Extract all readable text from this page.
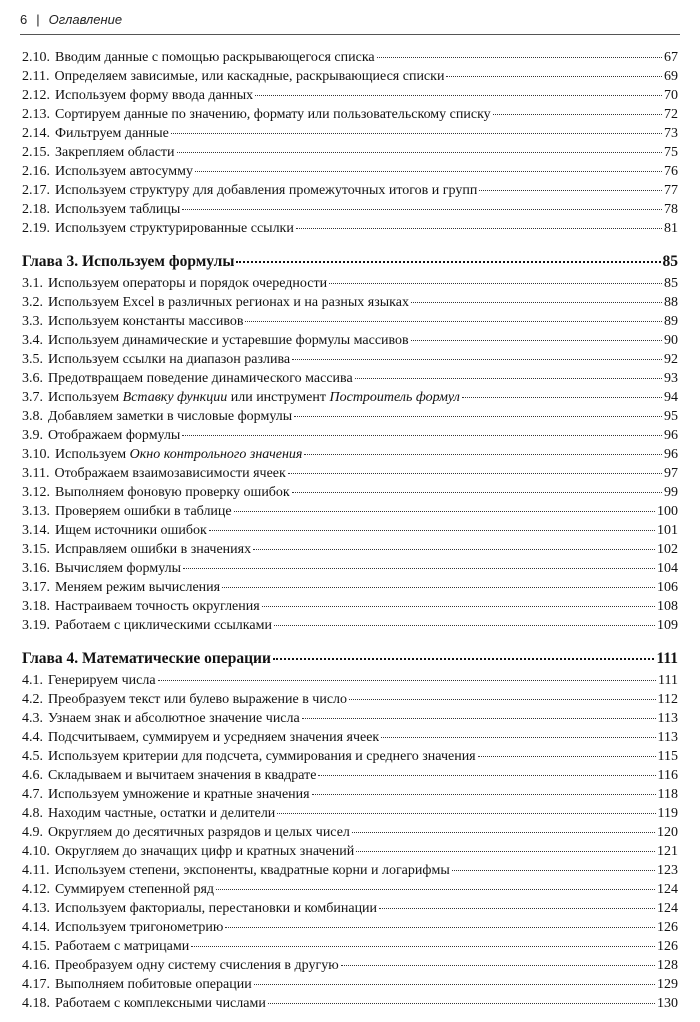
6 | Оглавление
2.10. Вводим данные с помощью раскрывающегося списка	67
2.11. Определяем зависимые, или каскадные, раскрывающиеся списки	69
2.12. Используем форму ввода данных	70
2.13. Сортируем данные по значению, формату или пользовательскому списку	72
2.14. Фильтруем данные	73
2.15. Закрепляем области	75
2.16. Используем автосумму	76
2.17. Используем структуру для добавления промежуточных итогов и групп	77
2.18. Используем таблицы	78
2.19. Используем структурированные ссылки	81
Глава 3. Используем формулы	85
3.1. Используем операторы и порядок очередности	85
3.2. Используем Excel в различных регионах и на разных языках	88
3.3. Используем константы массивов	89
3.4. Используем динамические и устаревшие формулы массивов	90
3.5. Используем ссылки на диапазон разлива	92
3.6. Предотвращаем поведение динамического массива	93
3.7. Используем Вставку функции или инструмент Построитель формул	94
3.8. Добавляем заметки в числовые формулы	95
3.9. Отображаем формулы	96
3.10. Используем Окно контрольного значения	96
3.11. Отображаем взаимозависимости ячеек	97
3.12. Выполняем фоновую проверку ошибок	99
3.13. Проверяем ошибки в таблице	100
3.14. Ищем источники ошибок	101
3.15. Исправляем ошибки в значениях	102
3.16. Вычисляем формулы	104
3.17. Меняем режим вычисления	106
3.18. Настраиваем точность округления	108
3.19. Работаем с циклическими ссылками	109
Глава 4. Математические операции	111
4.1. Генерируем числа	111
4.2. Преобразуем текст или булево выражение в число	112
4.3. Узнаем знак и абсолютное значение числа	113
4.4. Подсчитываем, суммируем и усредняем значения ячеек	113
4.5. Используем критерии для подсчета, суммирования и среднего значения	115
4.6. Складываем и вычитаем значения в квадрате	116
4.7. Используем умножение и кратные значения	118
4.8. Находим частные, остатки и делители	119
4.9. Округляем до десятичных разрядов и целых чисел	120
4.10. Округляем до значащих цифр и кратных значений	121
4.11. Используем степени, экспоненты, квадратные корни и логарифмы	123
4.12. Суммируем степенной ряд	124
4.13. Используем факториалы, перестановки и комбинации	124
4.14. Используем тригонометрию	126
4.15. Работаем с матрицами	126
4.16. Преобразуем одну систему счисления в другую	128
4.17. Выполняем побитовые операции	129
4.18. Работаем с комплексными числами	130
